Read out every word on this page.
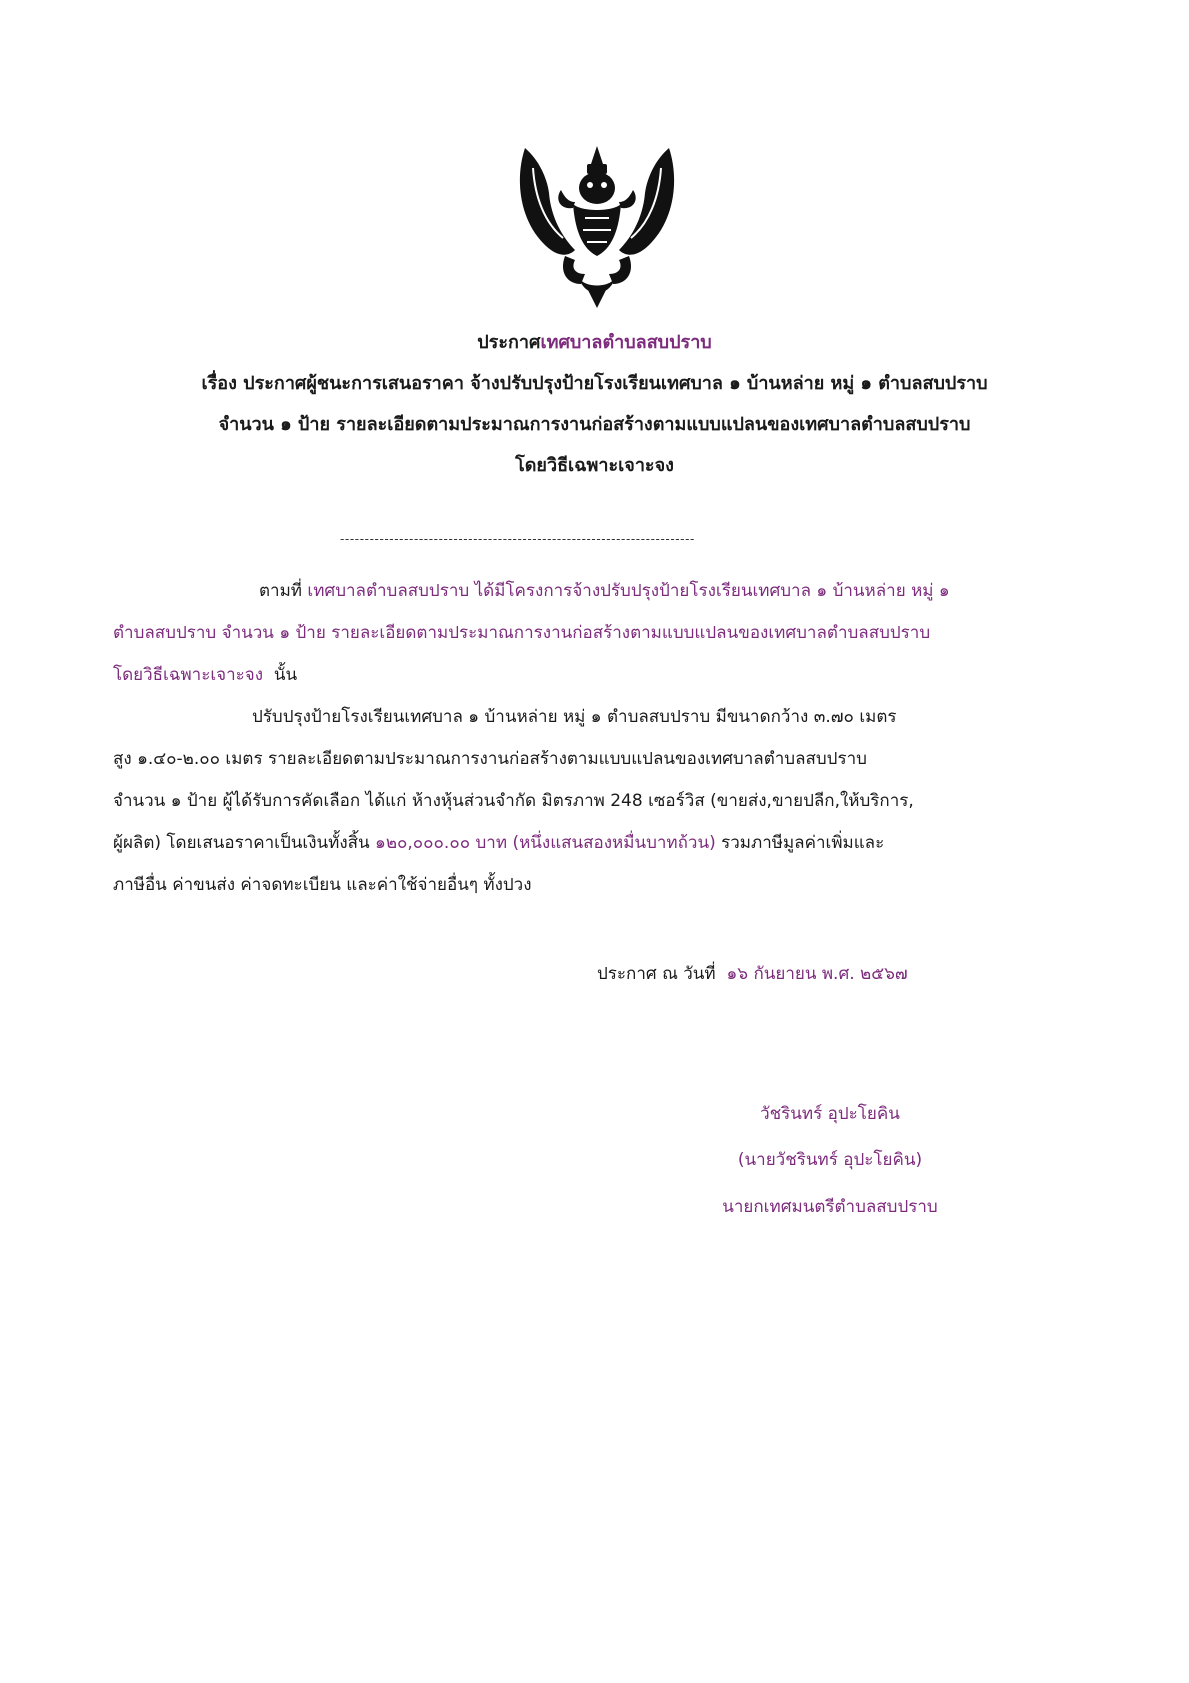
ประกาศเทศบาลตำบลสบปราบ
เรื่อง ประกาศผู้ชนะการเสนอราคา จ้างปรับปรุงป้ายโรงเรียนเทศบาล ๑ บ้านหล่าย หมู่ ๑ ตำบลสบปราบ
จำนวน ๑ ป้าย รายละเอียดตามประมาณการงานก่อสร้างตามแบบแปลนของเทศบาลตำบลสบปราบ
โดยวิธีเฉพาะเจาะจง
------------------------------------------------------------------------
ตามที่ เทศบาลตำบลสบปราบ ได้มีโครงการจ้างปรับปรุงป้ายโรงเรียนเทศบาล ๑ บ้านหล่าย หมู่ ๑
ตำบลสบปราบ จำนวน ๑ ป้าย รายละเอียดตามประมาณการงานก่อสร้างตามแบบแปลนของเทศบาลตำบลสบปราบ
โดยวิธีเฉพาะเจาะจง นั้น
ปรับปรุงป้ายโรงเรียนเทศบาล ๑ บ้านหล่าย หมู่ ๑ ตำบลสบปราบ มีขนาดกว้าง ๓.๗๐ เมตร
สูง ๑.๔๐-๒.๐๐ เมตร รายละเอียดตามประมาณการงานก่อสร้างตามแบบแปลนของเทศบาลตำบลสบปราบ
จำนวน ๑ ป้าย ผู้ได้รับการคัดเลือก ได้แก่ ห้างหุ้นส่วนจำกัด มิตรภาพ 248 เซอร์วิส (ขายส่ง,ขายปลีก,ให้บริการ,
ผู้ผลิต) โดยเสนอราคาเป็นเงินทั้งสิ้น ๑๒๐,๐๐๐.๐๐ บาท (หนึ่งแสนสองหมื่นบาทถ้วน) รวมภาษีมูลค่าเพิ่มและ
ภาษีอื่น ค่าขนส่ง ค่าจดทะเบียน และค่าใช้จ่ายอื่นๆ ทั้งปวง
ประกาศ ณ วันที่ ๑๖ กันยายน พ.ศ. ๒๕๖๗
วัชรินทร์ อุปะโยคิน
(นายวัชรินทร์ อุปะโยคิน)
นายกเทศมนตรีตำบลสบปราบ
